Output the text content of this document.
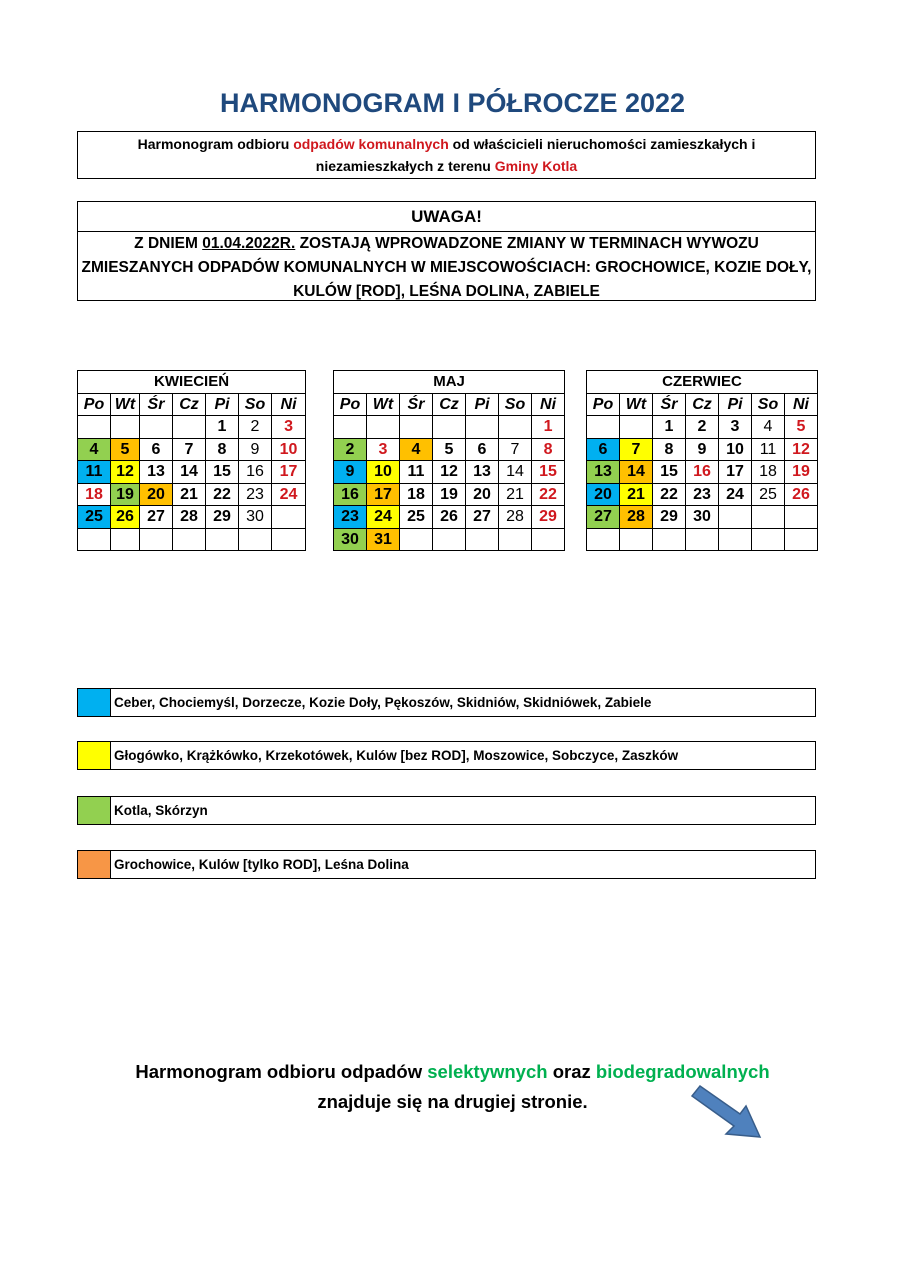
HARMONOGRAM I PÓŁROCZE 2022
Harmonogram odbioru odpadów komunalnych od właścicieli nieruchomości zamieszkałych i niezamieszkałych z terenu Gminy Kotla
UWAGA!
Z DNIEM 01.04.2022R. ZOSTAJĄ WPROWADZONE ZMIANY W TERMINACH WYWOZU ZMIESZANYCH ODPADÓW KOMUNALNYCH W MIEJSCOWOŚCIACH: GROCHOWICE, KOZIE DOŁY, KULÓW [ROD], LEŚNA DOLINA, ZABIELE
KWIECIEŃ						
Po	Wt	Śr	Cz	Pi	So	Ni
				1	2	3
4	5	6	7	8	9	10
11	12	13	14	15	16	17
18	19	20	21	22	23	24
25	26	27	28	29	30	

MAJ						
Po	Wt	Śr	Cz	Pi	So	Ni
						1
2	3	4	5	6	7	8
9	10	11	12	13	14	15
16	17	18	19	20	21	22
23	24	25	26	27	28	29
30	31					
CZERWIEC						
Po	Wt	Śr	Cz	Pi	So	Ni
		1	2	3	4	5
6	7	8	9	10	11	12
13	14	15	16	17	18	19
20	21	22	23	24	25	26
27	28	29	30			

Ceber, Chociemyśl, Dorzecze, Kozie Doły, Pękoszów, Skidniów, Skidniówek, Zabiele
Głogówko, Krążkówko, Krzekotówek, Kulów [bez ROD], Moszowice, Sobczyce, Zaszków
Kotla, Skórzyn
Grochowice, Kulów [tylko ROD], Leśna Dolina
Harmonogram odbioru odpadów selektywnych oraz biodegradowalnych
znajduje się na drugiej stronie.
